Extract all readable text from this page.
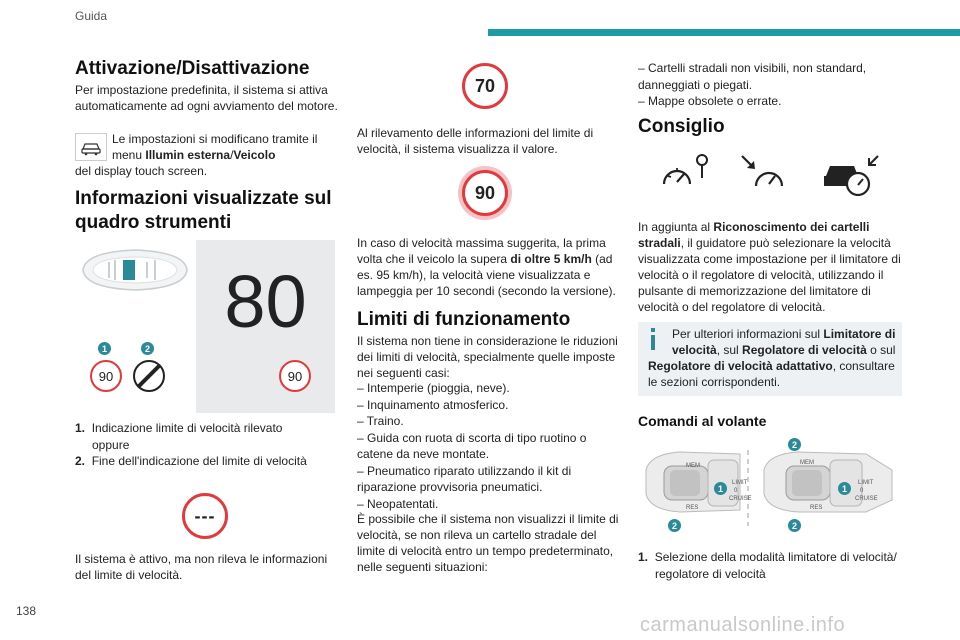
Guida
Attivazione/Disattivazione
Per impostazione predefinita, il sistema si attiva automaticamente ad ogni avviamento del motore.
Le impostazioni si modificano tramite il menu Illumin esterna/Veicolo
del display touch screen.
Informazioni visualizzate sul quadro strumenti
80
1	2
90	90
1. Indicazione limite di velocità rilevato
oppure
2. Fine dell'indicazione del limite di velocità
---
Il sistema è attivo, ma non rileva le informazioni del limite di velocità.
70
Al rilevamento delle informazioni del limite di velocità, il sistema visualizza il valore.
90
In caso di velocità massima suggerita, la prima volta che il veicolo la supera di oltre 5 km/h (ad es. 95 km/h), la velocità viene visualizzata e lampeggia per 10 secondi (secondo la versione).
Limiti di funzionamento
Il sistema non tiene in considerazione le riduzioni dei limiti di velocità, specialmente quelle imposte nei seguenti casi:
– Intemperie (pioggia, neve).
– Inquinamento atmosferico.
– Traino.
– Guida con ruota di scorta di tipo ruotino o catene da neve montate.
– Pneumatico riparato utilizzando il kit di riparazione provvisoria pneumatici.
– Neopatentati.
È possibile che il sistema non visualizzi il limite di velocità, se non rileva un cartello stradale del limite di velocità entro un tempo predeterminato, nelle seguenti situazioni:
– Cartelli stradali non visibili, non standard, danneggiati o piegati.
– Mappe obsolete o errate.
Consiglio
In aggiunta al Riconoscimento dei cartelli stradali, il guidatore può selezionare la velocità visualizzata come impostazione per il limitatore di velocità o il regolatore di velocità, utilizzando il pulsante di memorizzazione del limitatore di velocità o del regolatore di velocità.
Per ulteriori informazioni sul Limitatore di velocità, sul Regolatore di velocità o sul
Regolatore di velocità adattativo, consultare le sezioni corrispondenti.
Comandi al volante
MEM
LIMIT
0
CRUISE
RES
MEM
LIMIT
0
CRUISE
RES
1
2
2
1
2
1. Selezione della modalità limitatore di velocità/ regolatore di velocità
138
carmanualsonline.info
